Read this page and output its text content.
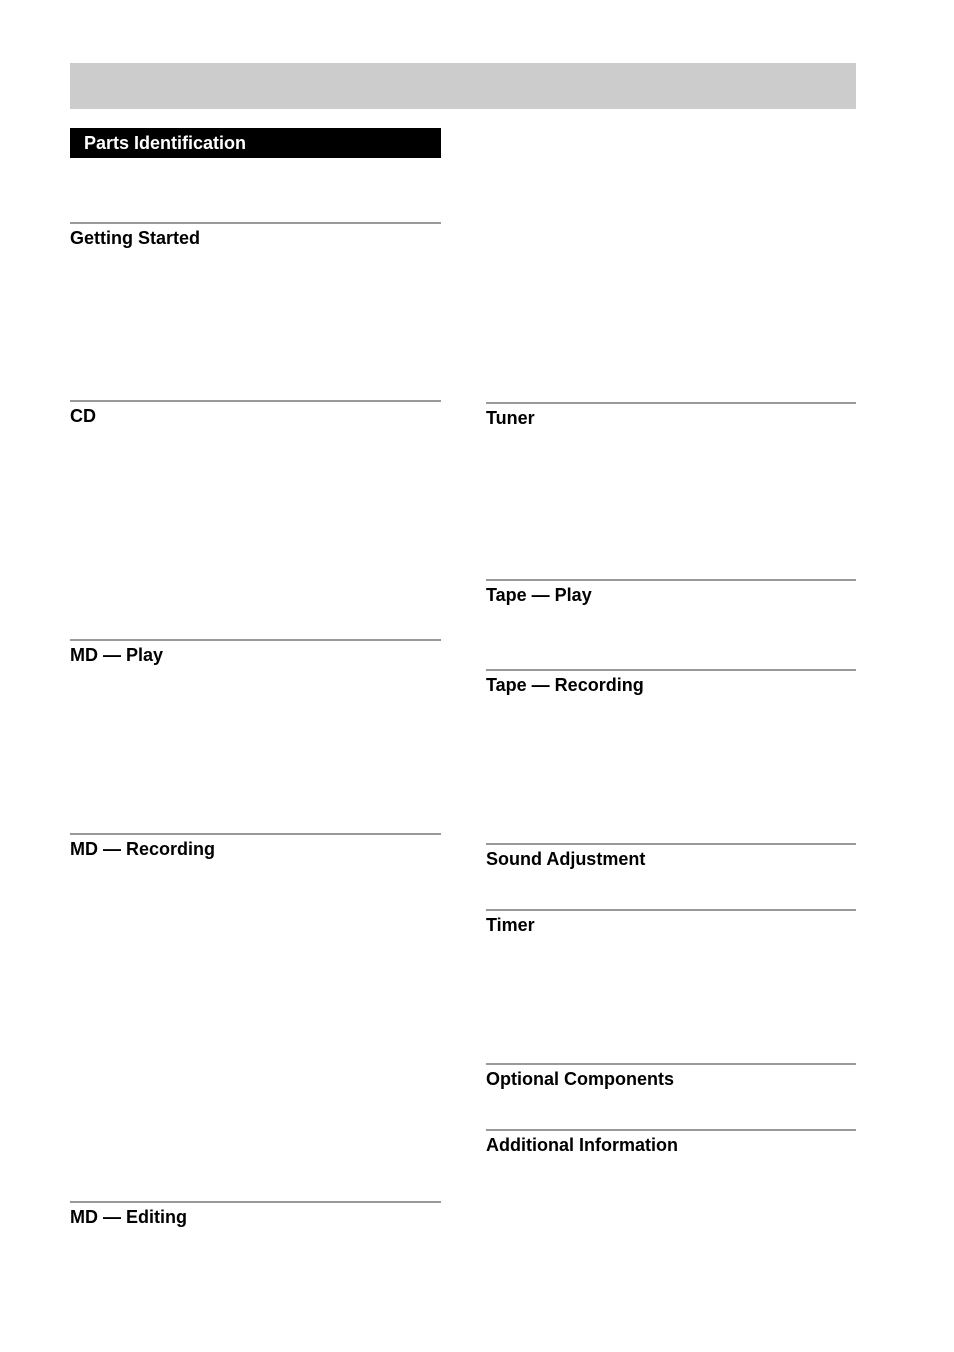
Parts Identification
Getting Started
CD
MD — Play
MD — Recording
MD — Editing
Tuner
Tape — Play
Tape — Recording
Sound Adjustment
Timer
Optional Components
Additional Information
